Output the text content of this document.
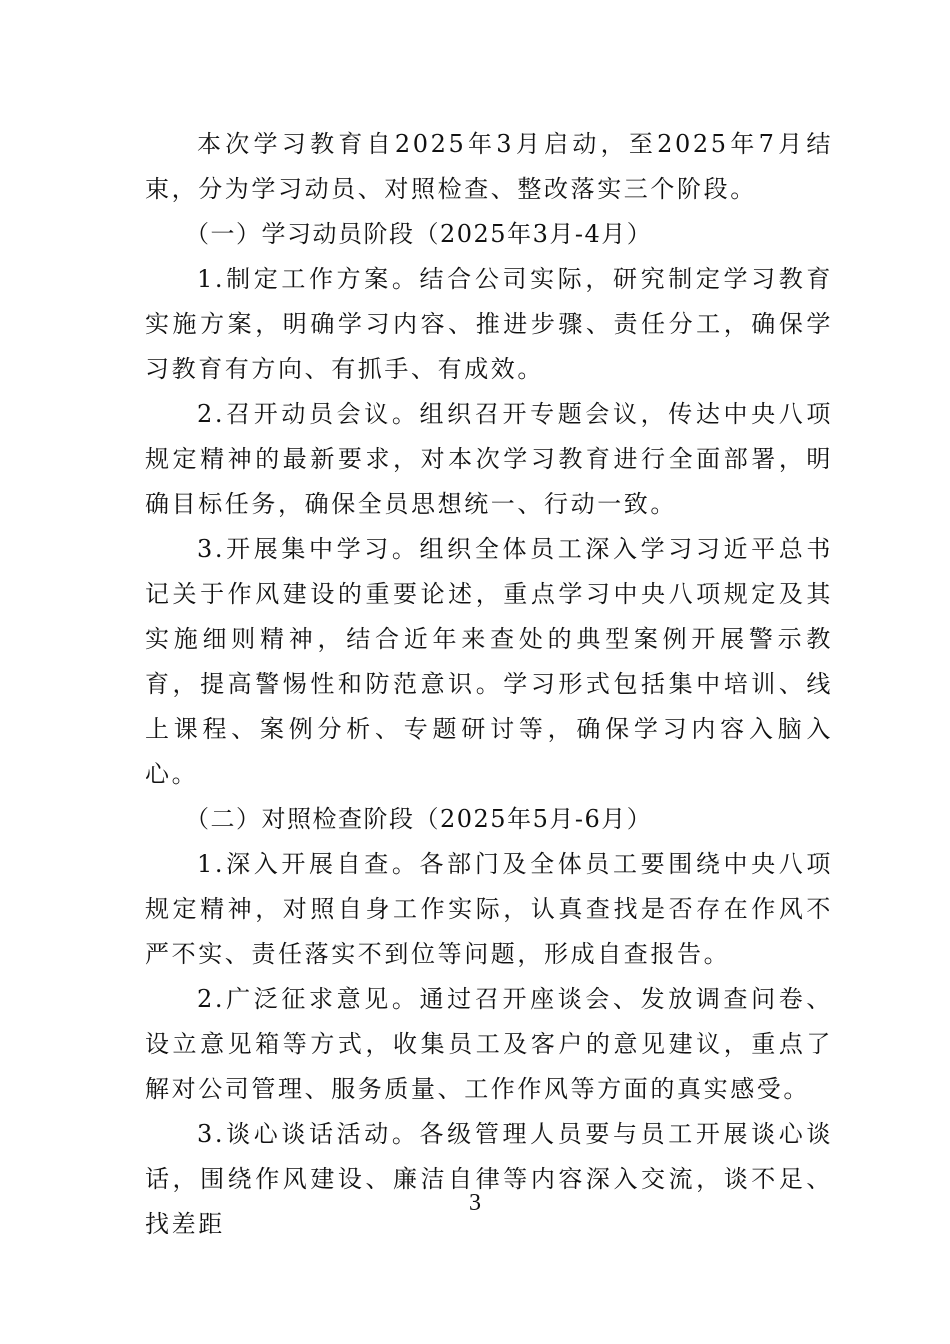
本次学习教育自2025年3月启动，至2025年7月结束，分为学习动员、对照检查、整改落实三个阶段。

（一）学习动员阶段（2025年3月-4月）

1.制定工作方案。结合公司实际，研究制定学习教育实施方案，明确学习内容、推进步骤、责任分工，确保学习教育有方向、有抓手、有成效。

2.召开动员会议。组织召开专题会议，传达中央八项规定精神的最新要求，对本次学习教育进行全面部署，明确目标任务，确保全员思想统一、行动一致。

3.开展集中学习。组织全体员工深入学习习近平总书记关于作风建设的重要论述，重点学习中央八项规定及其实施细则精神，结合近年来查处的典型案例开展警示教育，提高警惕性和防范意识。学习形式包括集中培训、线上课程、案例分析、专题研讨等，确保学习内容入脑入心。

（二）对照检查阶段（2025年5月-6月）

1.深入开展自查。各部门及全体员工要围绕中央八项规定精神，对照自身工作实际，认真查找是否存在作风不严不实、责任落实不到位等问题，形成自查报告。

2.广泛征求意见。通过召开座谈会、发放调查问卷、设立意见箱等方式，收集员工及客户的意见建议，重点了解对公司管理、服务质量、工作作风等方面的真实感受。

3.谈心谈话活动。各级管理人员要与员工开展谈心谈话，围绕作风建设、廉洁自律等内容深入交流，谈不足、找差距

3
